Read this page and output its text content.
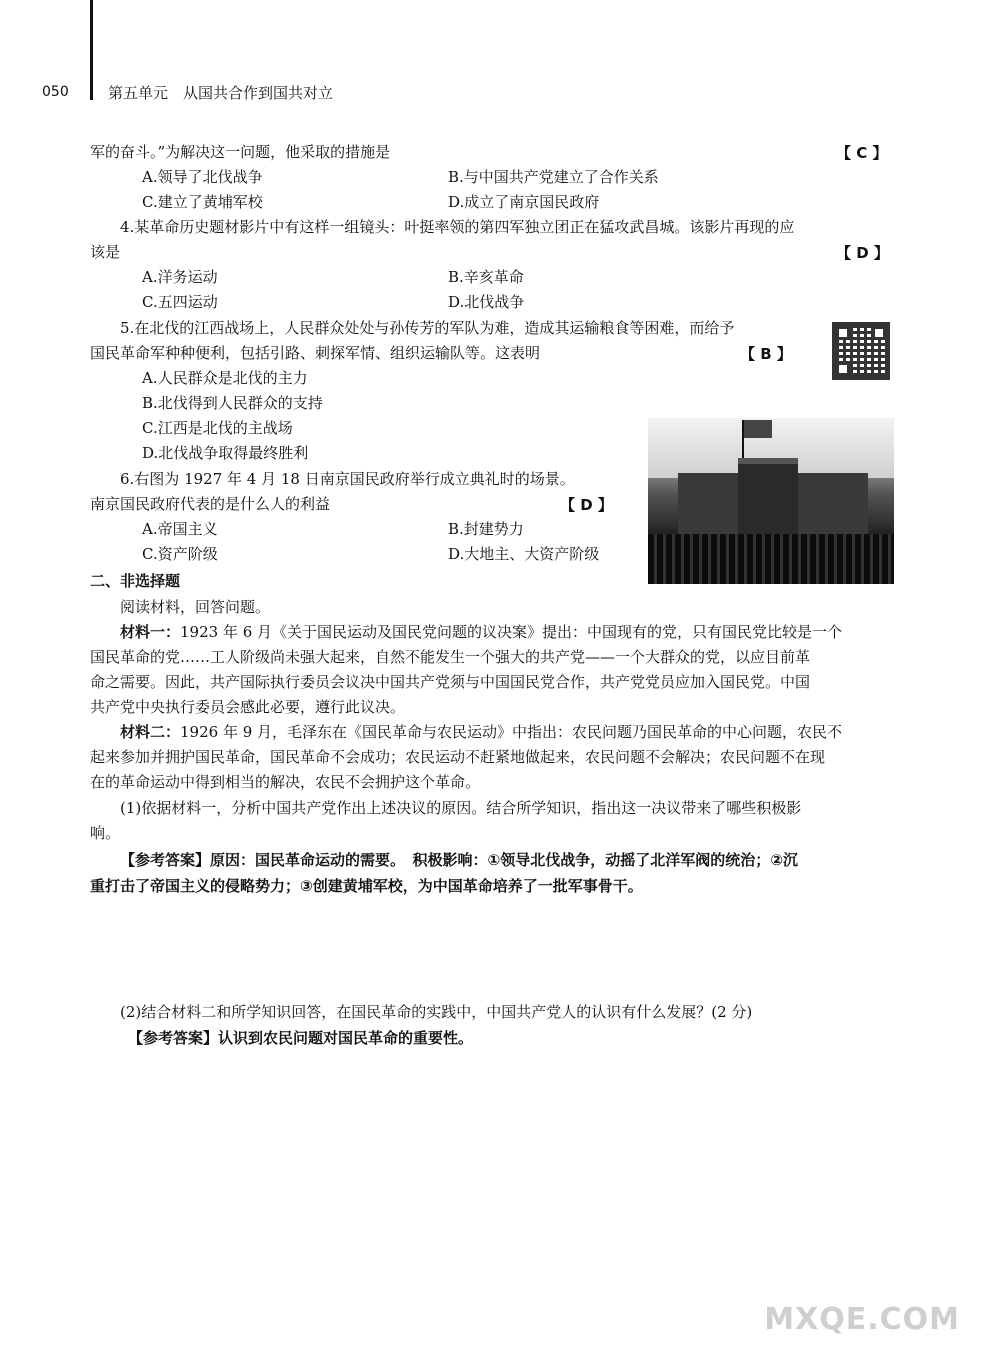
050	第五单元　从国共合作到国共对立
军的奋斗。”为解决这一问题，他采取的措施是	【 C 】
A.领导了北伐战争	B.与中国共产党建立了合作关系
C.建立了黄埔军校	D.成立了南京国民政府
4.某革命历史题材影片中有这样一组镜头：叶挺率领的第四军独立团正在猛攻武昌城。该影片再现的应
该是	【 D 】
A.洋务运动	B.辛亥革命
C.五四运动	D.北伐战争
5.在北伐的江西战场上，人民群众处处与孙传芳的军队为难，造成其运输粮食等困难，而给予
国民革命军种种便利，包括引路、刺探军情、组织运输队等。这表明	【 B 】
A.人民群众是北伐的主力
B.北伐得到人民群众的支持
C.江西是北伐的主战场
D.北伐战争取得最终胜利
6.右图为 1927 年 4 月 18 日南京国民政府举行成立典礼时的场景。
南京国民政府代表的是什么人的利益	【 D 】
A.帝国主义	B.封建势力
C.资产阶级	D.大地主、大资产阶级
二、非选择题
阅读材料，回答问题。
材料一：1923 年 6 月《关于国民运动及国民党问题的议决案》提出：中国现有的党，只有国民党比较是一个
国民革命的党……工人阶级尚未强大起来，自然不能发生一个强大的共产党——一个大群众的党，以应目前革
命之需要。因此，共产国际执行委员会议决中国共产党须与中国国民党合作，共产党党员应加入国民党。中国
共产党中央执行委员会感此必要，遵行此议决。
材料二：1926 年 9 月，毛泽东在《国民革命与农民运动》中指出：农民问题乃国民革命的中心问题，农民不
起来参加并拥护国民革命，国民革命不会成功；农民运动不赶紧地做起来，农民问题不会解决；农民问题不在现
在的革命运动中得到相当的解决，农民不会拥护这个革命。
(1)依据材料一，分析中国共产党作出上述决议的原因。结合所学知识，指出这一决议带来了哪些积极影
响。
【参考答案】原因：国民革命运动的需要。　积极影响：①领导北伐战争，动摇了北洋军阀的统治；②沉
重打击了帝国主义的侵略势力；③创建黄埔军校，为中国革命培养了一批军事骨干。
(2)结合材料二和所学知识回答，在国民革命的实践中，中国共产党人的认识有什么发展？(2 分)
【参考答案】认识到农民问题对国民革命的重要性。
MXQE.COM
